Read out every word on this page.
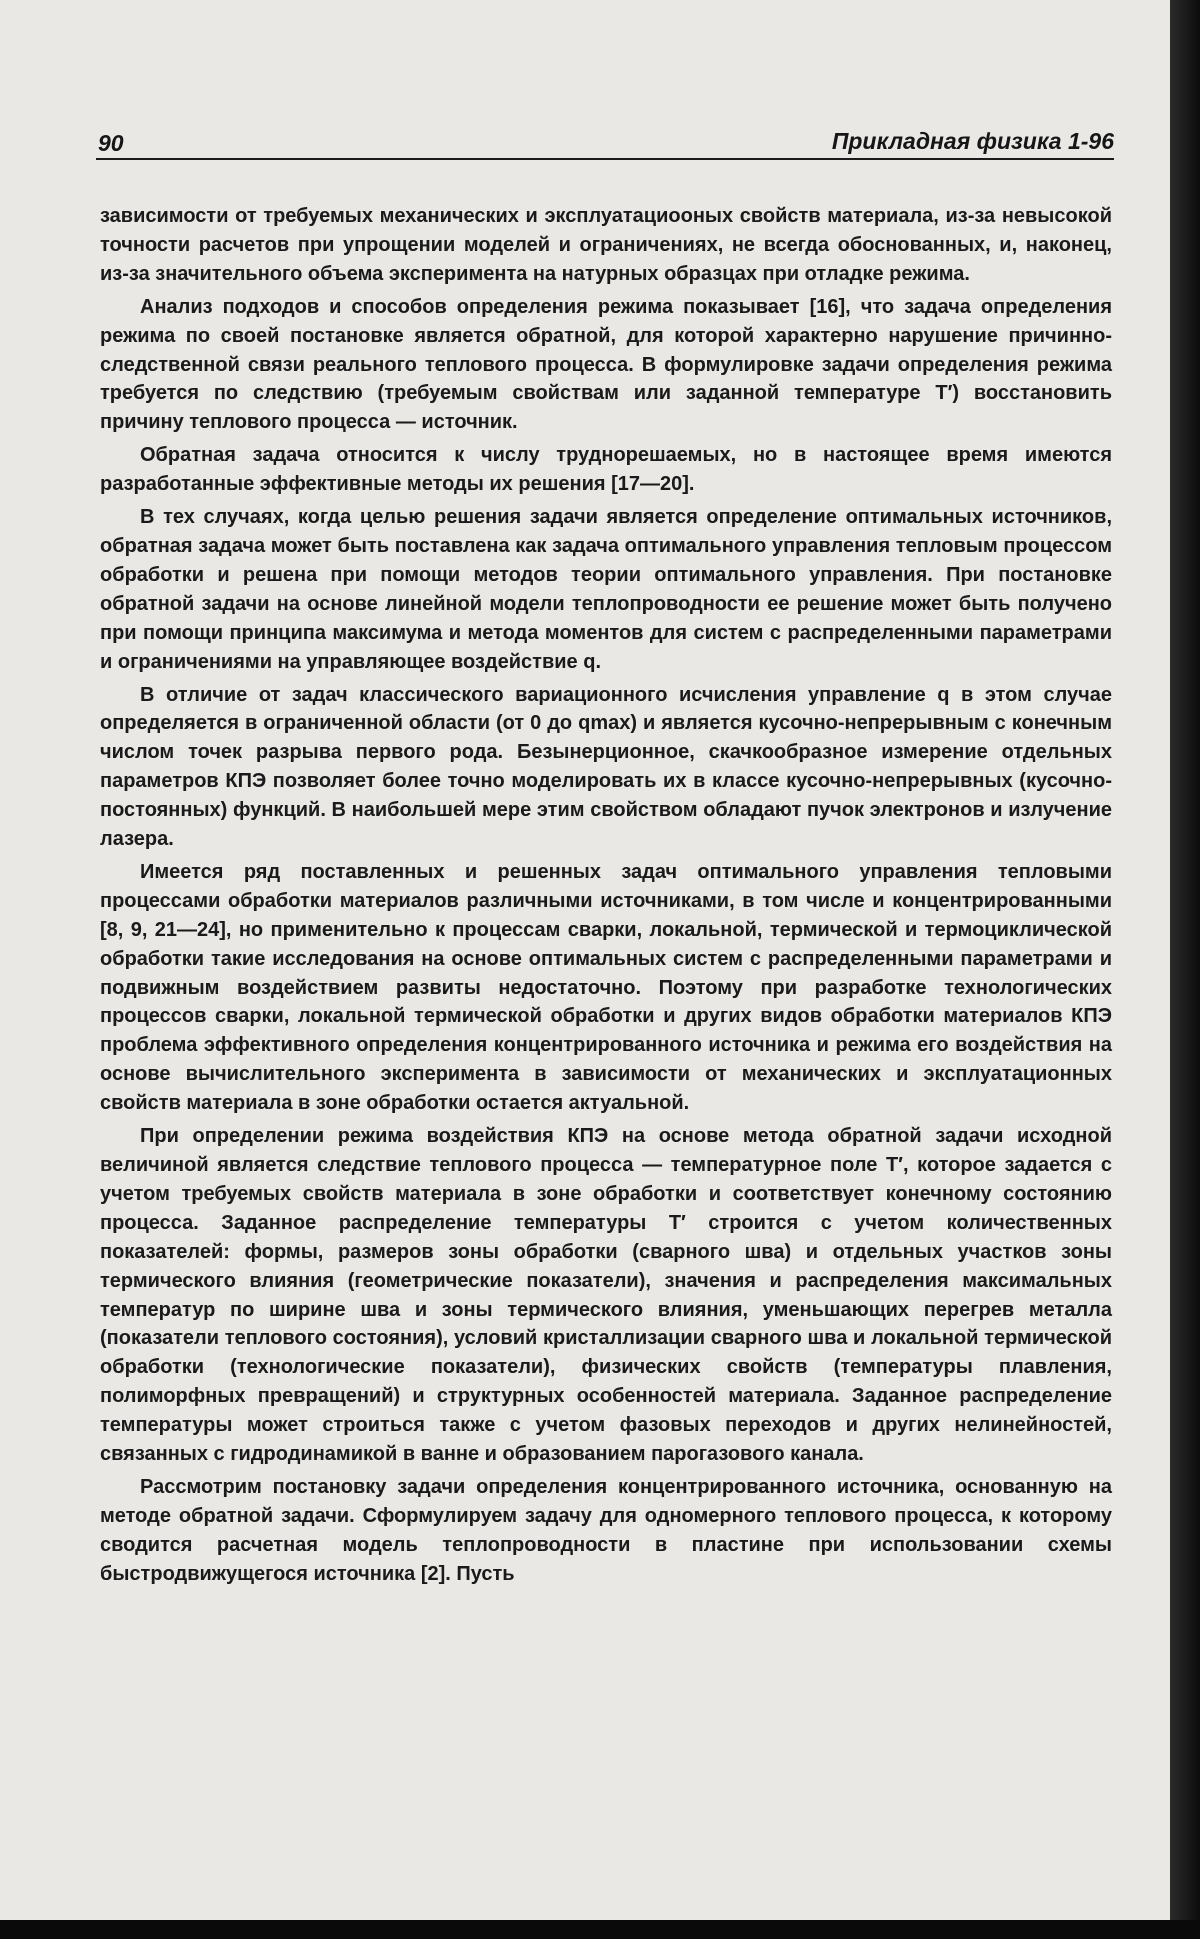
90	Прикладная физика 1-96

зависимости от требуемых механических и эксплуатациооных свойств материала, из-за невысокой точности расчетов при упрощении моделей и ограничениях, не всегда обоснованных, и, наконец, из-за значительного объема эксперимента на натурных образцах при отладке режима.

Анализ подходов и способов определения режима показывает [16], что задача определения режима по своей постановке является обратной, для которой характерно нарушение причинно-следственной связи реального теплового процесса. В формулировке задачи определения режима требуется по следствию (требуемым свойствам или заданной температуре T′) восстановить причину теплового процесса — источник.

Обратная задача относится к числу труднорешаемых, но в настоящее время имеются разработанные эффективные методы их решения [17—20].

В тех случаях, когда целью решения задачи является определение оптимальных источников, обратная задача может быть поставлена как задача оптимального управления тепловым процессом обработки и решена при помощи методов теории оптимального управления. При постановке обратной задачи на основе линейной модели теплопроводности ее решение может быть получено при помощи принципа максимума и метода моментов для систем с распределенными параметрами и ограничениями на управляющее воздействие q.

В отличие от задач классического вариационного исчисления управление q в этом случае определяется в ограниченной области (от 0 до qmax) и является кусочно-непрерывным с конечным числом точек разрыва первого рода. Безынерционное, скачкообразное измерение отдельных параметров КПЭ позволяет более точно моделировать их в классе кусочно-непрерывных (кусочно-постоянных) функций. В наибольшей мере этим свойством обладают пучок электронов и излучение лазера.

Имеется ряд поставленных и решенных задач оптимального управления тепловыми процессами обработки материалов различными источниками, в том числе и концентрированными [8, 9, 21—24], но применительно к процессам сварки, локальной, термической и термоциклической обработки такие исследования на основе оптимальных систем с распределенными параметрами и подвижным воздействием развиты недостаточно. Поэтому при разработке технологических процессов сварки, локальной термической обработки и других видов обработки материалов КПЭ проблема эффективного определения концентрированного источника и режима его воздействия на основе вычислительного эксперимента в зависимости от механических и эксплуатационных свойств материала в зоне обработки остается актуальной.

При определении режима воздействия КПЭ на основе метода обратной задачи исходной величиной является следствие теплового процесса — температурное поле T′, которое задается с учетом требуемых свойств материала в зоне обработки и соответствует конечному состоянию процесса. Заданное распределение температуры T′ строится с учетом количественных показателей: формы, размеров зоны обработки (сварного шва) и отдельных участков зоны термического влияния (геометрические показатели), значения и распределения максимальных температур по ширине шва и зоны термического влияния, уменьшающих перегрев металла (показатели теплового состояния), условий кристаллизации сварного шва и локальной термической обработки (технологические показатели), физических свойств (температуры плавления, полиморфных превращений) и структурных особенностей материала. Заданное распределение температуры может строиться также с учетом фазовых переходов и других нелинейностей, связанных с гидродинамикой в ванне и образованием парогазового канала.

Рассмотрим постановку задачи определения концентрированного источника, основанную на методе обратной задачи. Сформулируем задачу для одномерного теплового процесса, к которому сводится расчетная модель теплопроводности в пластине при использовании схемы быстродвижущегося источника [2]. Пусть
